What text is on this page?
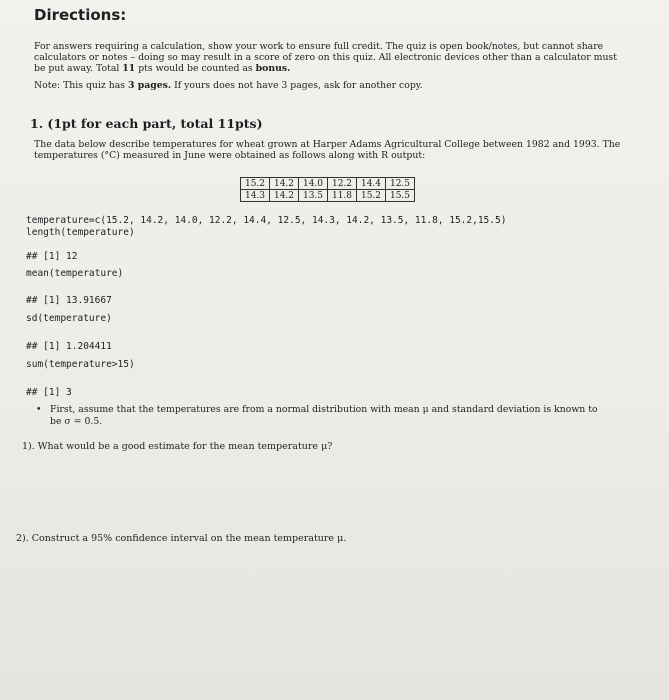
Directions:
For answers requiring a calculation, show your work to ensure full credit. The quiz is open book/notes, but cannot share
calculators or notes – doing so may result in a score of zero on this quiz. All electronic devices other than a calculator must
be put away. Total 11 pts would be counted as bonus.
Note: This quiz has 3 pages. If yours does not have 3 pages, ask for another copy.
1. (1pt for each part, total 11pts)
The data below describe temperatures for wheat grown at Harper Adams Agricultural College between 1982 and 1993. The
temperatures (°C) measured in June were obtained as follows along with R output:
15.2	14.2	14.0	12.2	14.4	12.5
14.3	14.2	13.5	11.8	15.2	15.5
temperature=c(15.2, 14.2, 14.0, 12.2, 14.4, 12.5, 14.3, 14.2, 13.5, 11.8, 15.2,15.5)
length(temperature)
## [1] 12
mean(temperature)
## [1] 13.91667
sd(temperature)
## [1] 1.204411
sum(temperature>15)
## [1] 3
• First, assume that the temperatures are from a normal distribution with mean μ and standard deviation is known to
be σ = 0.5.
1). What would be a good estimate for the mean temperature μ?
2). Construct a 95% confidence interval on the mean temperature μ.
